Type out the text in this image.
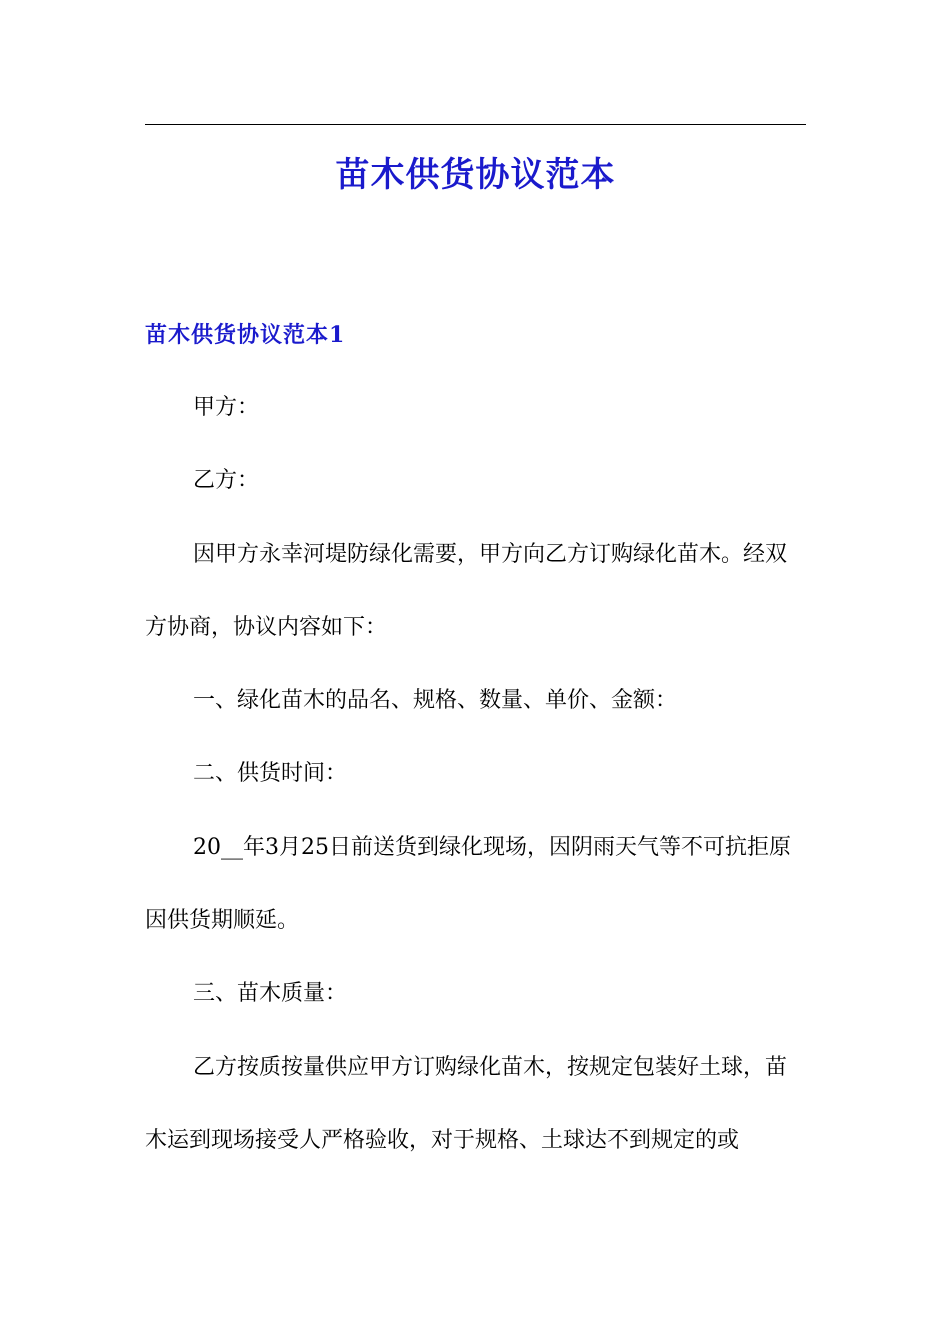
苗木供货协议范本
苗木供货协议范本1

甲方：

乙方：

因甲方永幸河堤防绿化需要，甲方向乙方订购绿化苗木。经双方协商，协议内容如下：

一、绿化苗木的品名、规格、数量、单价、金额：

二、供货时间：

20__年3月25日前送货到绿化现场，因阴雨天气等不可抗拒原因供货期顺延。

三、苗木质量：

乙方按质按量供应甲方订购绿化苗木，按规定包装好土球，苗木运到现场接受人严格验收，对于规格、土球达不到规定的或
